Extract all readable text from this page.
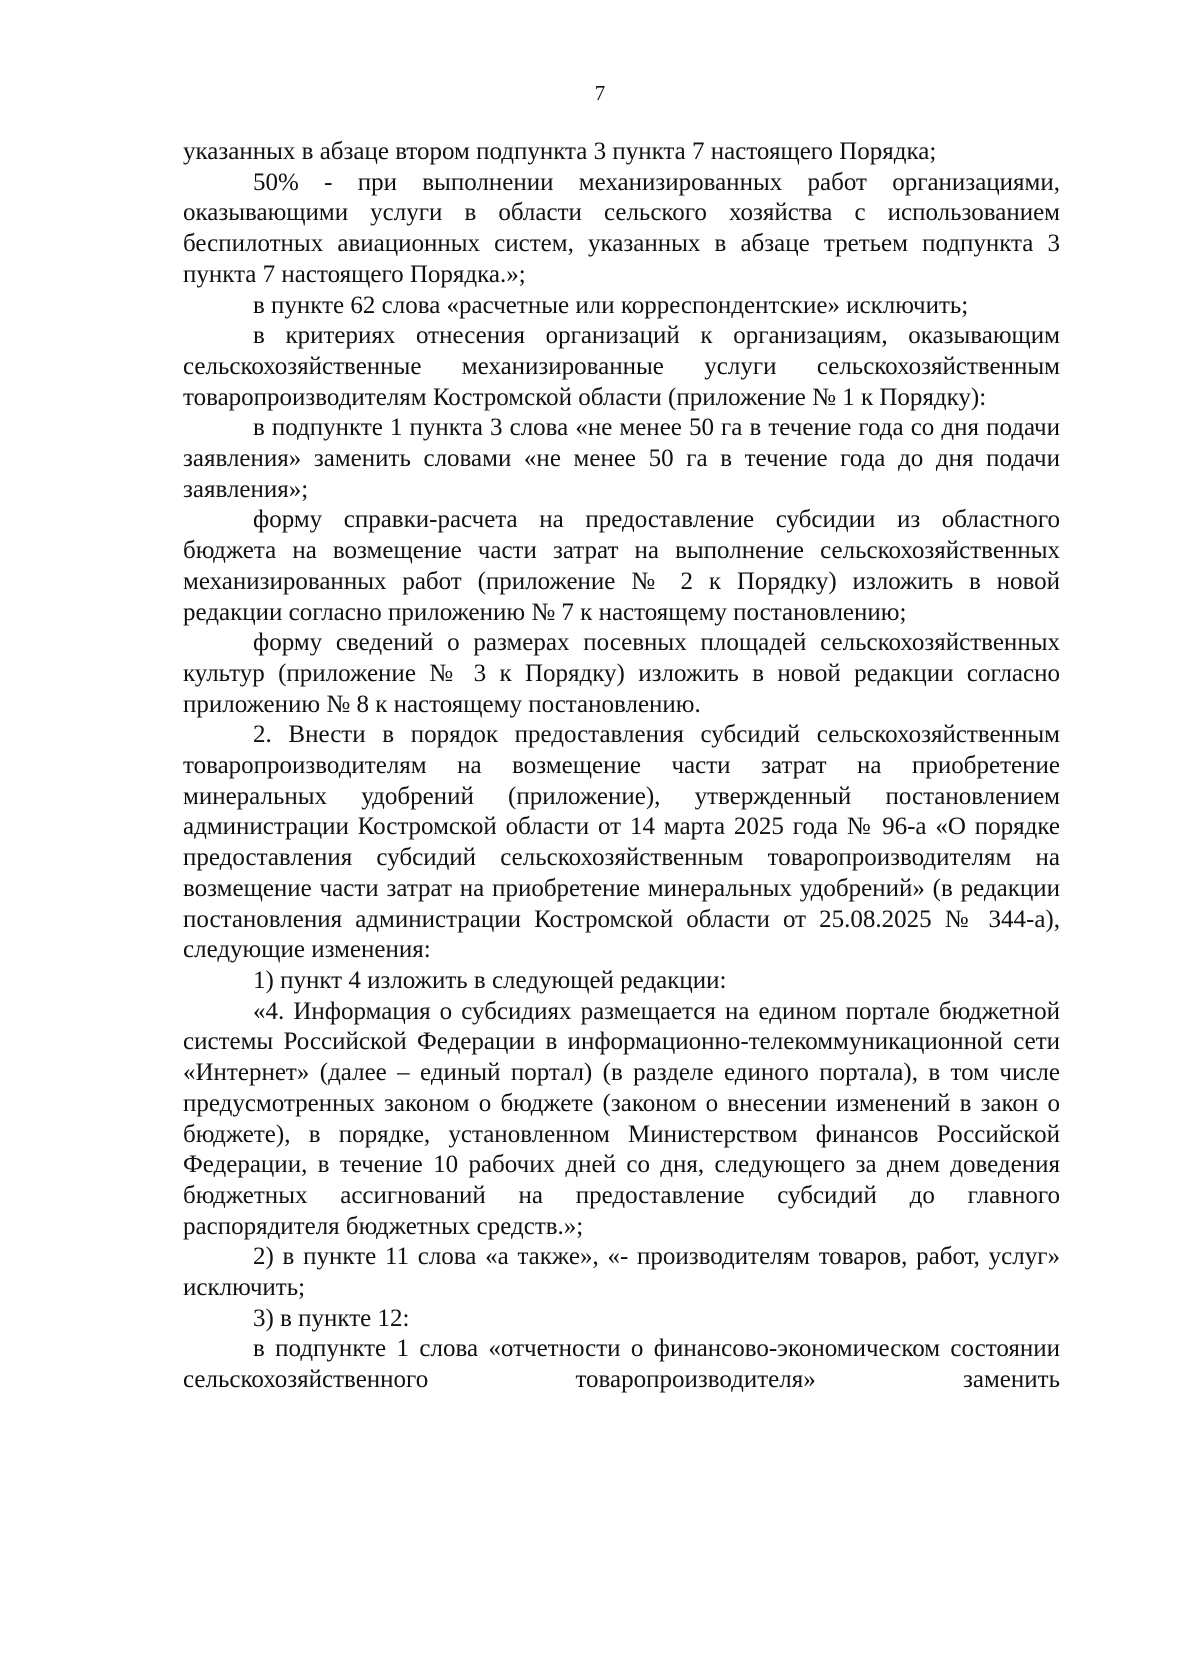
7

указанных в абзаце втором подпункта 3 пункта 7 настоящего Порядка;

50% - при выполнении механизированных работ организациями, оказывающими услуги в области сельского хозяйства с использованием беспилотных авиационных систем, указанных в абзаце третьем подпункта 3 пункта 7 настоящего Порядка.»;

в пункте 62 слова «расчетные или корреспондентские» исключить;

в критериях отнесения организаций к организациям, оказывающим сельскохозяйственные механизированные услуги сельскохозяйственным товаропроизводителям Костромской области (приложение № 1 к Порядку):

в подпункте 1 пункта 3 слова «не менее 50 га в течение года со дня подачи заявления» заменить словами «не менее 50 га в течение года до дня подачи заявления»;

форму справки-расчета на предоставление субсидии из областного бюджета на возмещение части затрат на выполнение сельскохозяйственных механизированных работ (приложение № 2 к Порядку) изложить в новой редакции согласно приложению № 7 к настоящему постановлению;

форму сведений о размерах посевных площадей сельскохозяйственных культур (приложение № 3 к Порядку) изложить в новой редакции согласно приложению № 8 к настоящему постановлению.

2. Внести в порядок предоставления субсидий сельскохозяйственным товаропроизводителям на возмещение части затрат на приобретение минеральных удобрений (приложение), утвержденный постановлением администрации Костромской области от 14 марта 2025 года № 96-а «О порядке предоставления субсидий сельскохозяйственным товаропроизводителям на возмещение части затрат на приобретение минеральных удобрений» (в редакции постановления администрации Костромской области от 25.08.2025 № 344-а), следующие изменения:

1) пункт 4 изложить в следующей редакции:

«4. Информация о субсидиях размещается на едином портале бюджетной системы Российской Федерации в информационно-телекоммуникационной сети «Интернет» (далее – единый портал) (в разделе единого портала), в том числе предусмотренных законом о бюджете (законом о внесении изменений в закон о бюджете), в порядке, установленном Министерством финансов Российской Федерации, в течение 10 рабочих дней со дня, следующего за днем доведения бюджетных ассигнований на предоставление субсидий до главного распорядителя бюджетных средств.»;

2) в пункте 11 слова «а также», «- производителям товаров, работ, услуг» исключить;

3) в пункте 12:

в подпункте 1 слова «отчетности о финансово-экономическом состоянии сельскохозяйственного товаропроизводителя» заменить
